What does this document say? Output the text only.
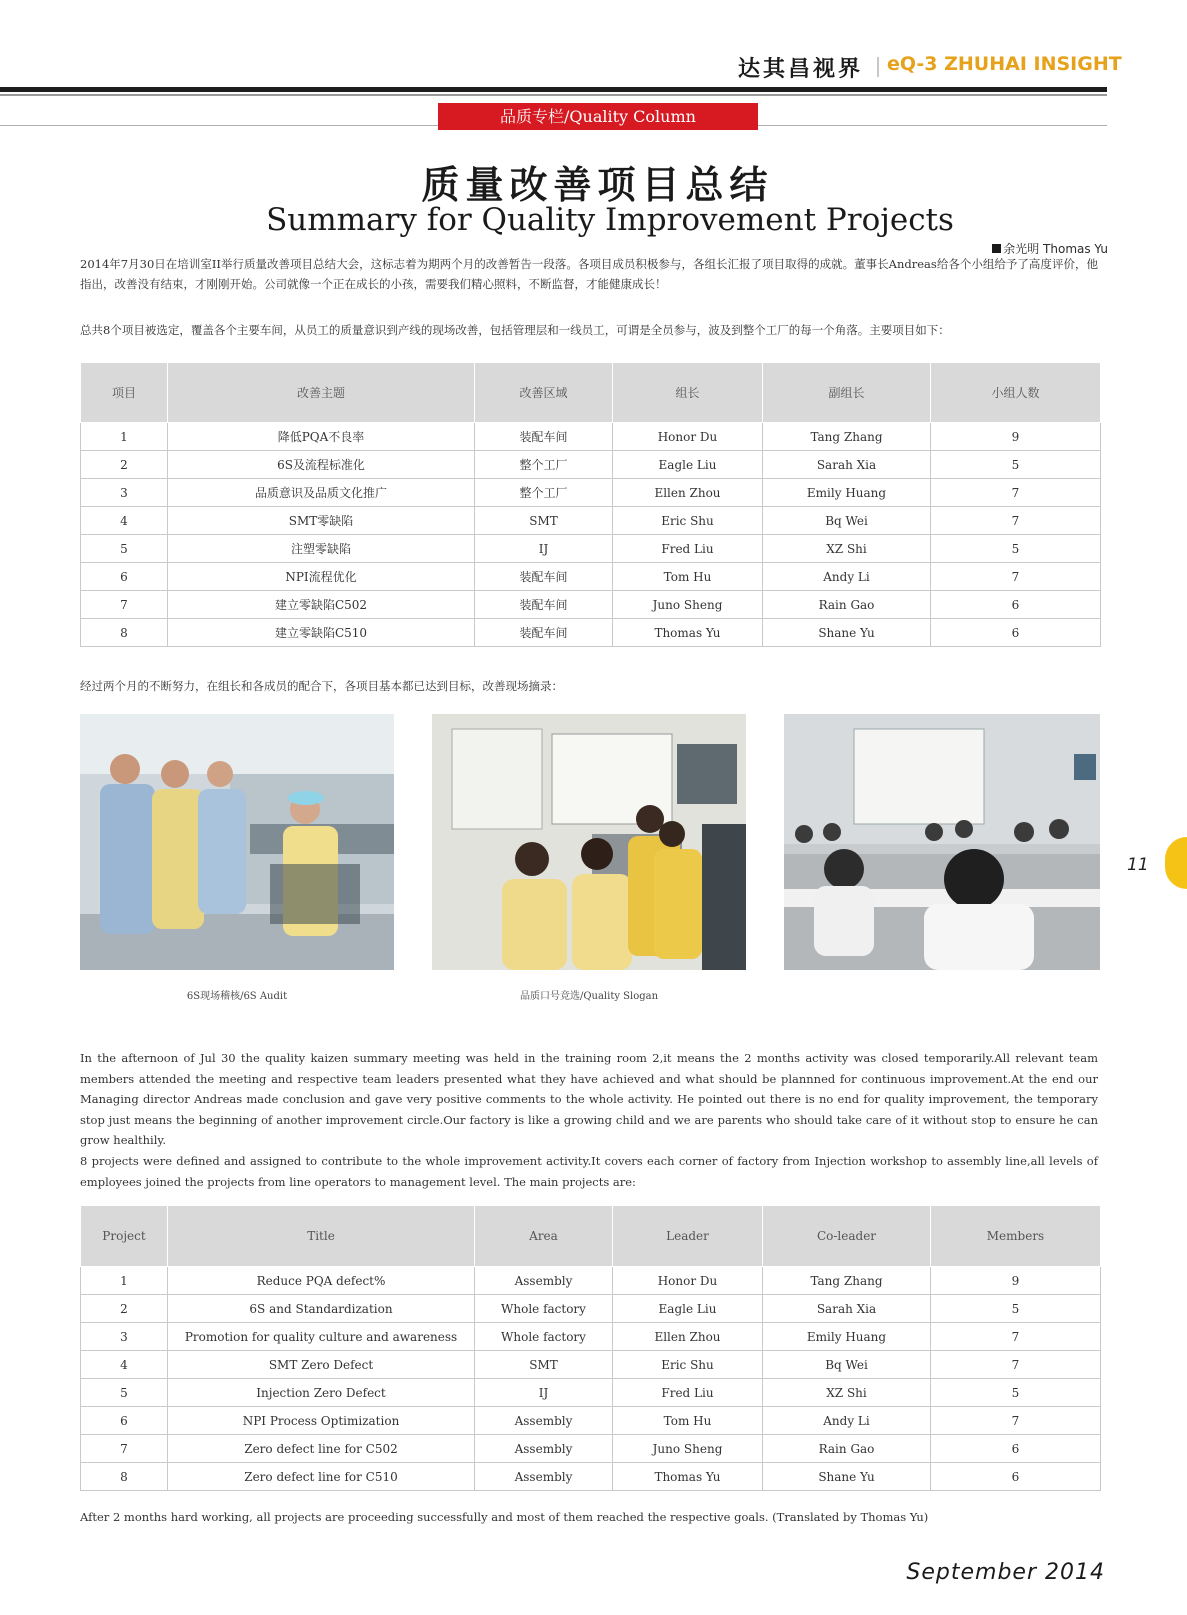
达其昌视界 eQ-3 ZHUHAI INSIGHT
品质专栏/Quality Column
质量改善项目总结
Summary for Quality Improvement Projects
余光明 Thomas Yu
2014年7月30日在培训室II举行质量改善项目总结大会，这标志着为期两个月的改善暂告一段落。各项目成员积极参与，各组长汇报了项目取得的成就。董事长Andreas给各个小组给予了高度评价，他指出，改善没有结束，才刚刚开始。公司就像一个正在成长的小孩，需要我们精心照料，不断监督，才能健康成长！
总共8个项目被选定，覆盖各个主要车间，从员工的质量意识到产线的现场改善，包括管理层和一线员工，可谓是全员参与，波及到整个工厂的每一个角落。主要项目如下：
项目	改善主题	改善区域	组长	副组长	小组人数
1	降低PQA不良率	装配车间	Honor Du	Tang Zhang	9
2	6S及流程标准化	整个工厂	Eagle Liu	Sarah Xia	5
3	品质意识及品质文化推广	整个工厂	Ellen Zhou	Emily Huang	7
4	SMT零缺陷	SMT	Eric Shu	Bq Wei	7
5	注塑零缺陷	IJ	Fred Liu	XZ Shi	5
6	NPI流程优化	装配车间	Tom Hu	Andy Li	7
7	建立零缺陷C502	装配车间	Juno Sheng	Rain Gao	6
8	建立零缺陷C510	装配车间	Thomas Yu	Shane Yu	6
经过两个月的不断努力，在组长和各成员的配合下，各项目基本都已达到目标，改善现场摘录：
6S现场稽核/6S Audit	品质口号竞选/Quality Slogan
11
In the afternoon of Jul 30 the quality kaizen summary meeting was held in the training room 2,it means the 2 months activity was closed temporarily.All relevant team members attended the meeting and respective team leaders presented what they have achieved and what should be plannned for continuous improvement.At the end our Managing director Andreas made conclusion and gave very positive comments to the whole activity. He pointed out there is no end for quality improvement, the temporary stop just means the beginning of another improvement circle.Our factory is like a growing child and we are parents who should take care of it without stop to ensure he can grow healthily.
8 projects were defined and assigned to contribute to the whole improvement activity.It covers each corner of factory from Injection workshop to assembly line,all levels of employees joined the projects from line operators to management level. The main projects are:
Project	Title	Area	Leader	Co-leader	Members
1	Reduce PQA defect%	Assembly	Honor Du	Tang Zhang	9
2	6S and Standardization	Whole factory	Eagle Liu	Sarah Xia	5
3	Promotion for quality culture and awareness	Whole factory	Ellen Zhou	Emily Huang	7
4	SMT Zero Defect	SMT	Eric Shu	Bq Wei	7
5	Injection Zero Defect	IJ	Fred Liu	XZ Shi	5
6	NPI Process Optimization	Assembly	Tom Hu	Andy Li	7
7	Zero defect line for C502	Assembly	Juno Sheng	Rain Gao	6
8	Zero defect line for C510	Assembly	Thomas Yu	Shane Yu	6
After 2 months hard working, all projects are proceeding successfully and most of them reached the respective goals. (Translated by Thomas Yu)
September 2014
